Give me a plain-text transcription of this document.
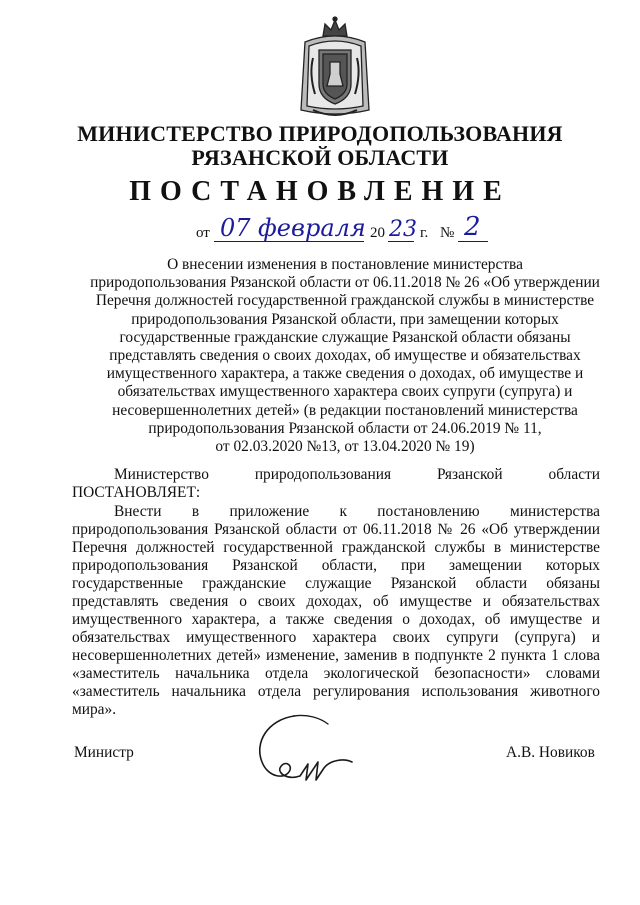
МИНИСТЕРСТВО ПРИРОДОПОЛЬЗОВАНИЯ
РЯЗАНСКОЙ ОБЛАСТИ
ПОСТАНОВЛЕНИЕ
от 07 февраля 20 23 г. № 2
О внесении изменения в постановление министерства
природопользования Рязанской области от 06.11.2018 № 26 «Об утверждении
Перечня должностей государственной гражданской службы в министерстве
природопользования Рязанской области, при замещении которых
государственные гражданские служащие Рязанской области обязаны
представлять сведения о своих доходах, об имуществе и обязательствах
имущественного характера, а также сведения о доходах, об имуществе и
обязательствах имущественного характера своих супруги (супруга) и
несовершеннолетних детей» (в редакции постановлений министерства
природопользования Рязанской области от 24.06.2019 № 11,
от 02.03.2020 №13, от 13.04.2020 № 19)
Министерство природопользования Рязанской области
ПОСТАНОВЛЯЕТ:
Внести в приложение к постановлению министерства
природопользования Рязанской области от 06.11.2018 № 26 «Об утверждении
Перечня должностей государственной гражданской службы в министерстве
природопользования Рязанской области, при замещении которых
государственные гражданские служащие Рязанской области обязаны
представлять сведения о своих доходах, об имуществе и обязательствах
имущественного характера, а также сведения о доходах, об имуществе и
обязательствах имущественного характера своих супруги (супруга) и
несовершеннолетних детей» изменение, заменив в подпункте 2 пункта 1 слова
«заместитель начальника отдела экологической безопасности» словами
«заместитель начальника отдела регулирования использования животного
мира».
Министр	А.В. Новиков
